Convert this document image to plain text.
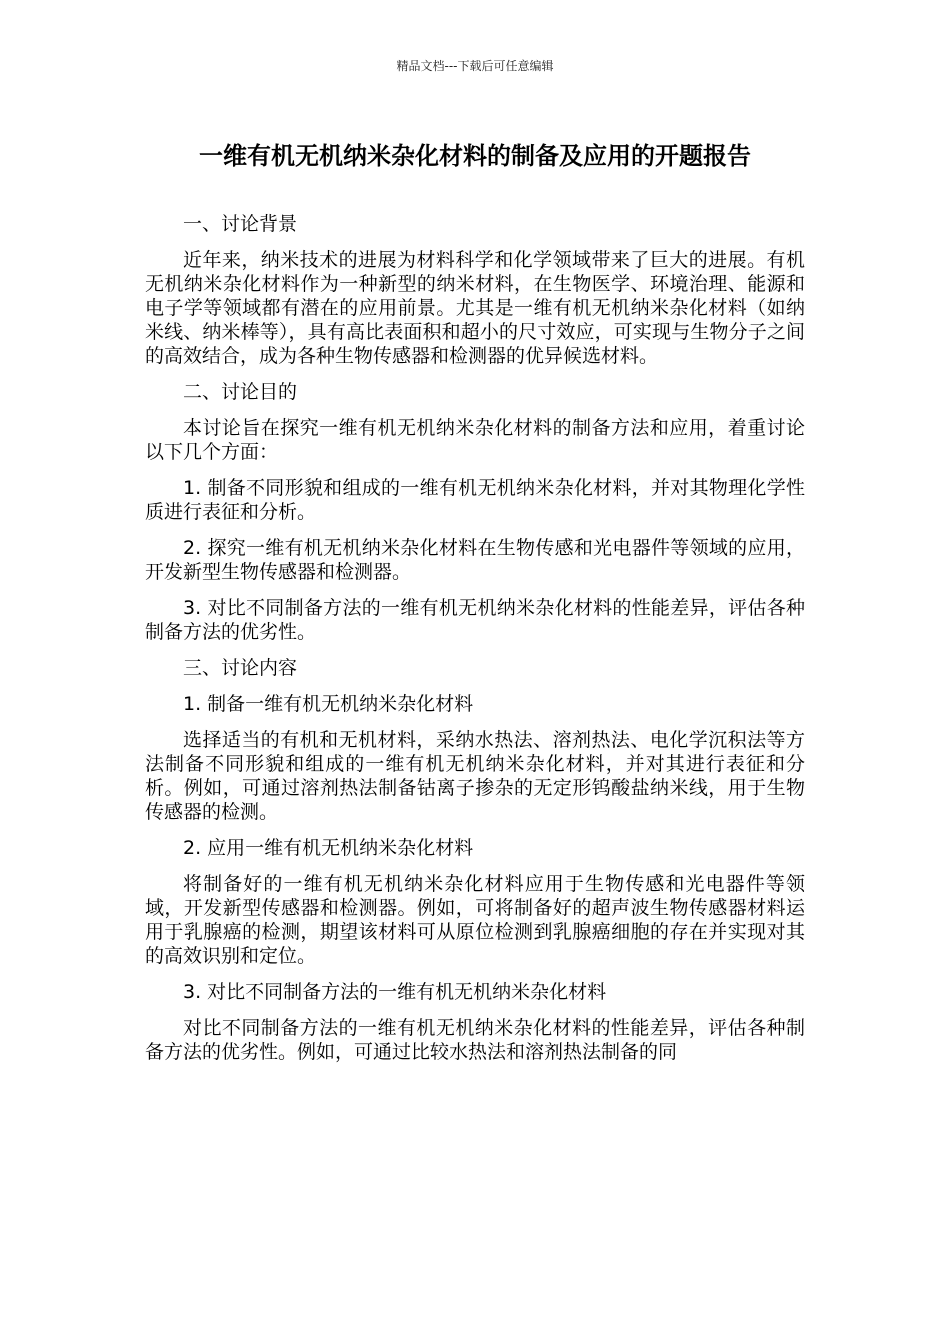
精品文档---下载后可任意编辑
一维有机无机纳米杂化材料的制备及应用的开题报告

一、讨论背景

近年来，纳米技术的进展为材料科学和化学领域带来了巨大的进展。有机无机纳米杂化材料作为一种新型的纳米材料，在生物医学、环境治理、能源和电子学等领域都有潜在的应用前景。尤其是一维有机无机纳米杂化材料（如纳米线、纳米棒等），具有高比表面积和超小的尺寸效应，可实现与生物分子之间的高效结合，成为各种生物传感器和检测器的优异候选材料。

二、讨论目的

本讨论旨在探究一维有机无机纳米杂化材料的制备方法和应用，着重讨论以下几个方面：

1. 制备不同形貌和组成的一维有机无机纳米杂化材料，并对其物理化学性质进行表征和分析。

2. 探究一维有机无机纳米杂化材料在生物传感和光电器件等领域的应用，开发新型生物传感器和检测器。

3. 对比不同制备方法的一维有机无机纳米杂化材料的性能差异，评估各种制备方法的优劣性。

三、讨论内容

1. 制备一维有机无机纳米杂化材料

选择适当的有机和无机材料，采纳水热法、溶剂热法、电化学沉积法等方法制备不同形貌和组成的一维有机无机纳米杂化材料，并对其进行表征和分析。例如，可通过溶剂热法制备钴离子掺杂的无定形钨酸盐纳米线，用于生物传感器的检测。

2. 应用一维有机无机纳米杂化材料

将制备好的一维有机无机纳米杂化材料应用于生物传感和光电器件等领域，开发新型传感器和检测器。例如，可将制备好的超声波生物传感器材料运用于乳腺癌的检测，期望该材料可从原位检测到乳腺癌细胞的存在并实现对其的高效识别和定位。

3. 对比不同制备方法的一维有机无机纳米杂化材料

对比不同制备方法的一维有机无机纳米杂化材料的性能差异，评估各种制备方法的优劣性。例如，可通过比较水热法和溶剂热法制备的同
